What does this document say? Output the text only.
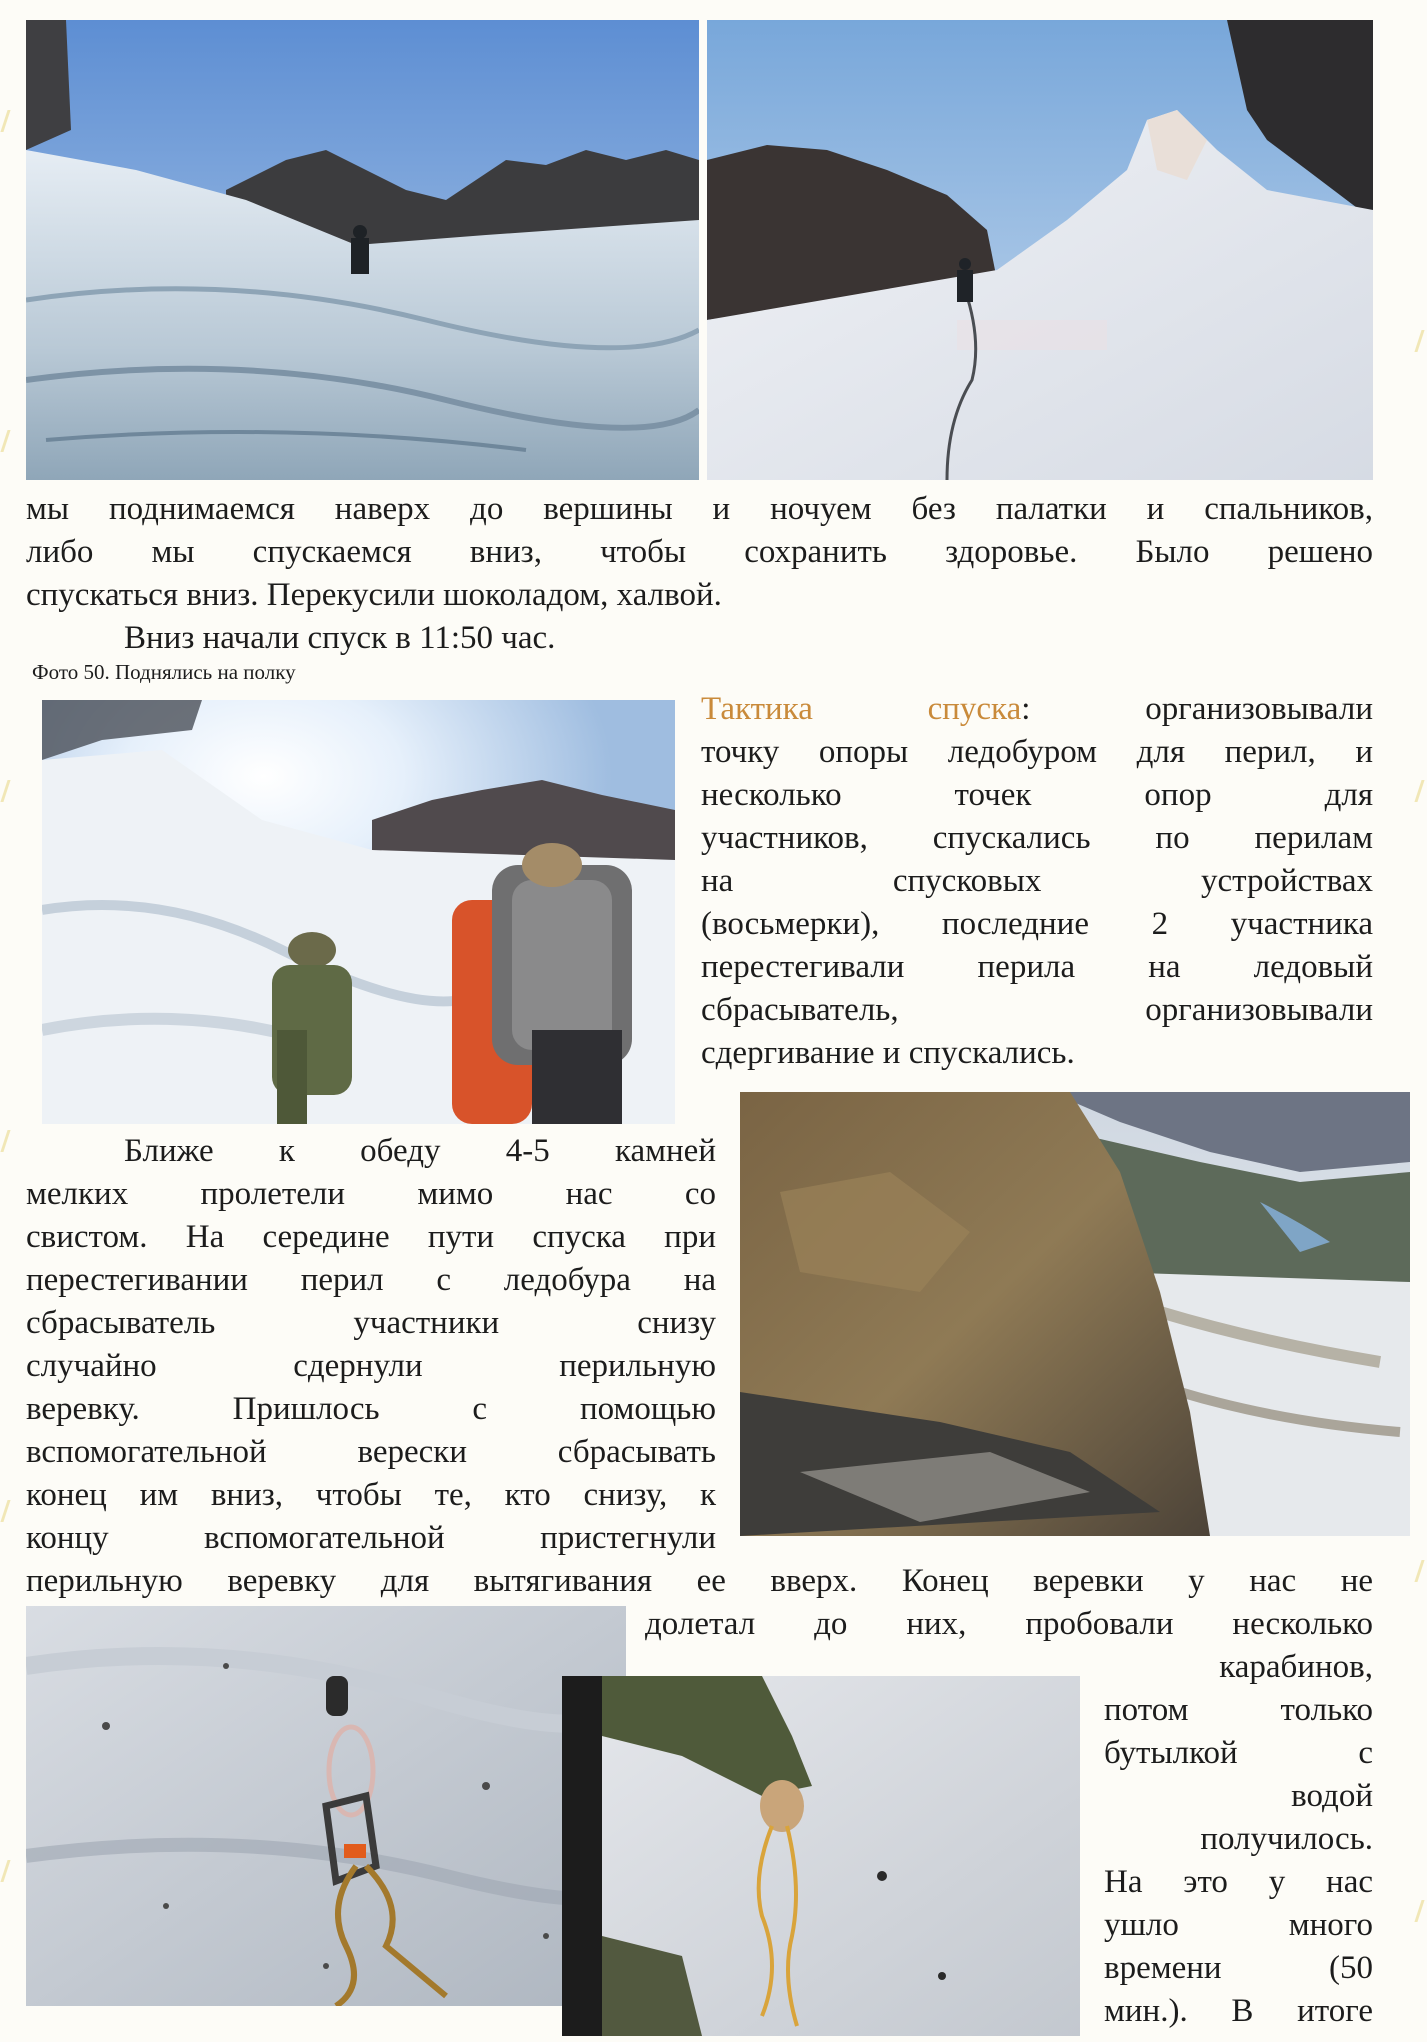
мы поднимаемся наверх до вершины и ночуем без палатки и спальников,
либо мы спускаемся вниз, чтобы сохранить здоровье. Было решено

спускаться вниз. Перекусили шоколадом, халвой.

Вниз начали спуск в 11:50 час.

Фото 50. Поднялись на полку

Тактика спуска:	организовывали
точку опоры ледобуром для перил, и
несколько точек опор для
участников, спускались по перилам
на спусковых устройствах
(восьмерки), последние 2 участника
перестегивали перила на ледовый
сбрасыватель, организовывали

сдергивание и спускались.

Ближе к обеду 4-5 камней
мелких пролетели мимо нас со
свистом. На середине пути спуска при
перестегивании перил с ледобура на
сбрасыватель участники снизу
случайно сдернули перильную
веревку. Пришлось с помощью
вспомогательной вереcки сбрасывать
конец им вниз, чтобы те, кто снизу, к
концу вспомогательной пристегнули

перильную веревку для вытягивания ее вверх. Конец веревки у нас не

долетал до них, пробовали несколько

карабинов,
потом только
бутылкой с
водой
получилось.
На это у нас
ушло много
времени (50
мин.). В итоге
